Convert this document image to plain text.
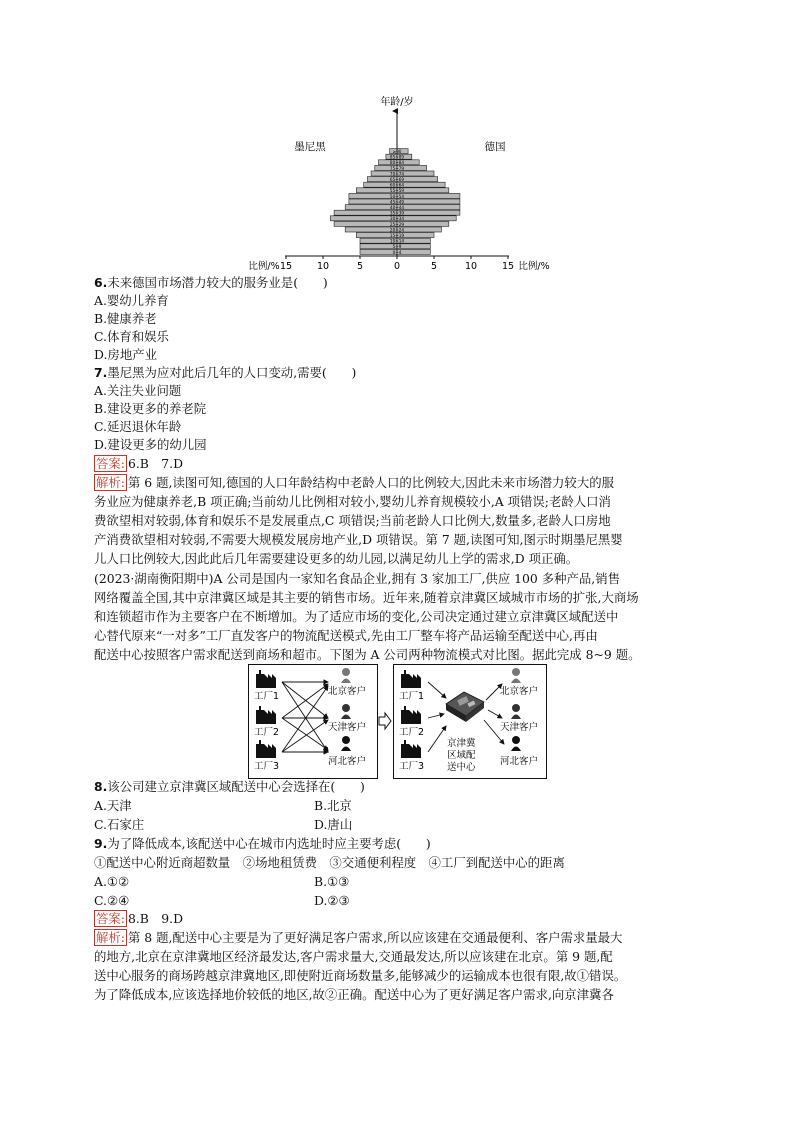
年龄/岁
墨尼黑	德国
0~4
5~9
10~14
15~19
20~24
25~29
30~34
35~39
40~44
45~49
50~54
55~59
60~64
65~69
70~74
75~79
80~84
85~89
≥90
15	10	5	0	5	10	15
比例/%	比例/%
6.未来德国市场潜力较大的服务业是(　　)
A.婴幼儿养育
B.健康养老
C.体育和娱乐
D.房地产业
7.墨尼黑为应对此后几年的人口变动,需要(　　)
A.关注失业问题
B.建设更多的养老院
C.延迟退休年龄
D.建设更多的幼儿园
答案: 6.B　7.D
解析: 第 6 题,读图可知,德国的人口年龄结构中老龄人口的比例较大,因此未来市场潜力较大的服
务业应为健康养老,B 项正确;当前幼儿比例相对较小,婴幼儿养育规模较小,A 项错误;老龄人口消
费欲望相对较弱,体育和娱乐不是发展重点,C 项错误;当前老龄人口比例大,数量多,老龄人口房地
产消费欲望相对较弱,不需要大规模发展房地产业,D 项错误。第 7 题,读图可知,图示时期墨尼黑婴
儿人口比例较大,因此此后几年需要建设更多的幼儿园,以满足幼儿上学的需求,D 项正确。
(2023·湖南衡阳期中)A 公司是国内一家知名食品企业,拥有 3 家加工厂,供应 100 多种产品,销售
网络覆盖全国,其中京津冀区域是其主要的销售市场。近年来,随着京津冀区域城市市场的扩张,大商场
和连锁超市作为主要客户在不断增加。为了适应市场的变化,公司决定通过建立京津冀区域配送中
心替代原来“一对多”工厂直发客户的物流配送模式,先由工厂整车将产品运输至配送中心,再由
配送中心按照客户需求配送到商场和超市。下图为 A 公司两种物流模式对比图。据此完成 8~9 题。
工厂1
工厂2
工厂3
北京客户
天津客户
河北客户
工厂1
工厂2
工厂3
京津冀
区域配
送中心
北京客户
天津客户
河北客户
8.该公司建立京津冀区域配送中心会选择在(　　)
A.天津	B.北京
C.石家庄	D.唐山
9.为了降低成本,该配送中心在城市内选址时应主要考虑(　　)
①配送中心附近商超数量　②场地租赁费　③交通便利程度　④工厂到配送中心的距离
A.①②	B.①③
C.②④	D.②③
答案: 8.B　9.D
解析: 第 8 题,配送中心主要是为了更好满足客户需求,所以应该建在交通最便利、客户需求量最大
的地方,北京在京津冀地区经济最发达,客户需求量大,交通最发达,所以应该建在北京。第 9 题,配
送中心服务的商场跨越京津冀地区,即使附近商场数量多,能够减少的运输成本也很有限,故①错误。
为了降低成本,应该选择地价较低的地区,故②正确。配送中心为了更好满足客户需求,向京津冀各
